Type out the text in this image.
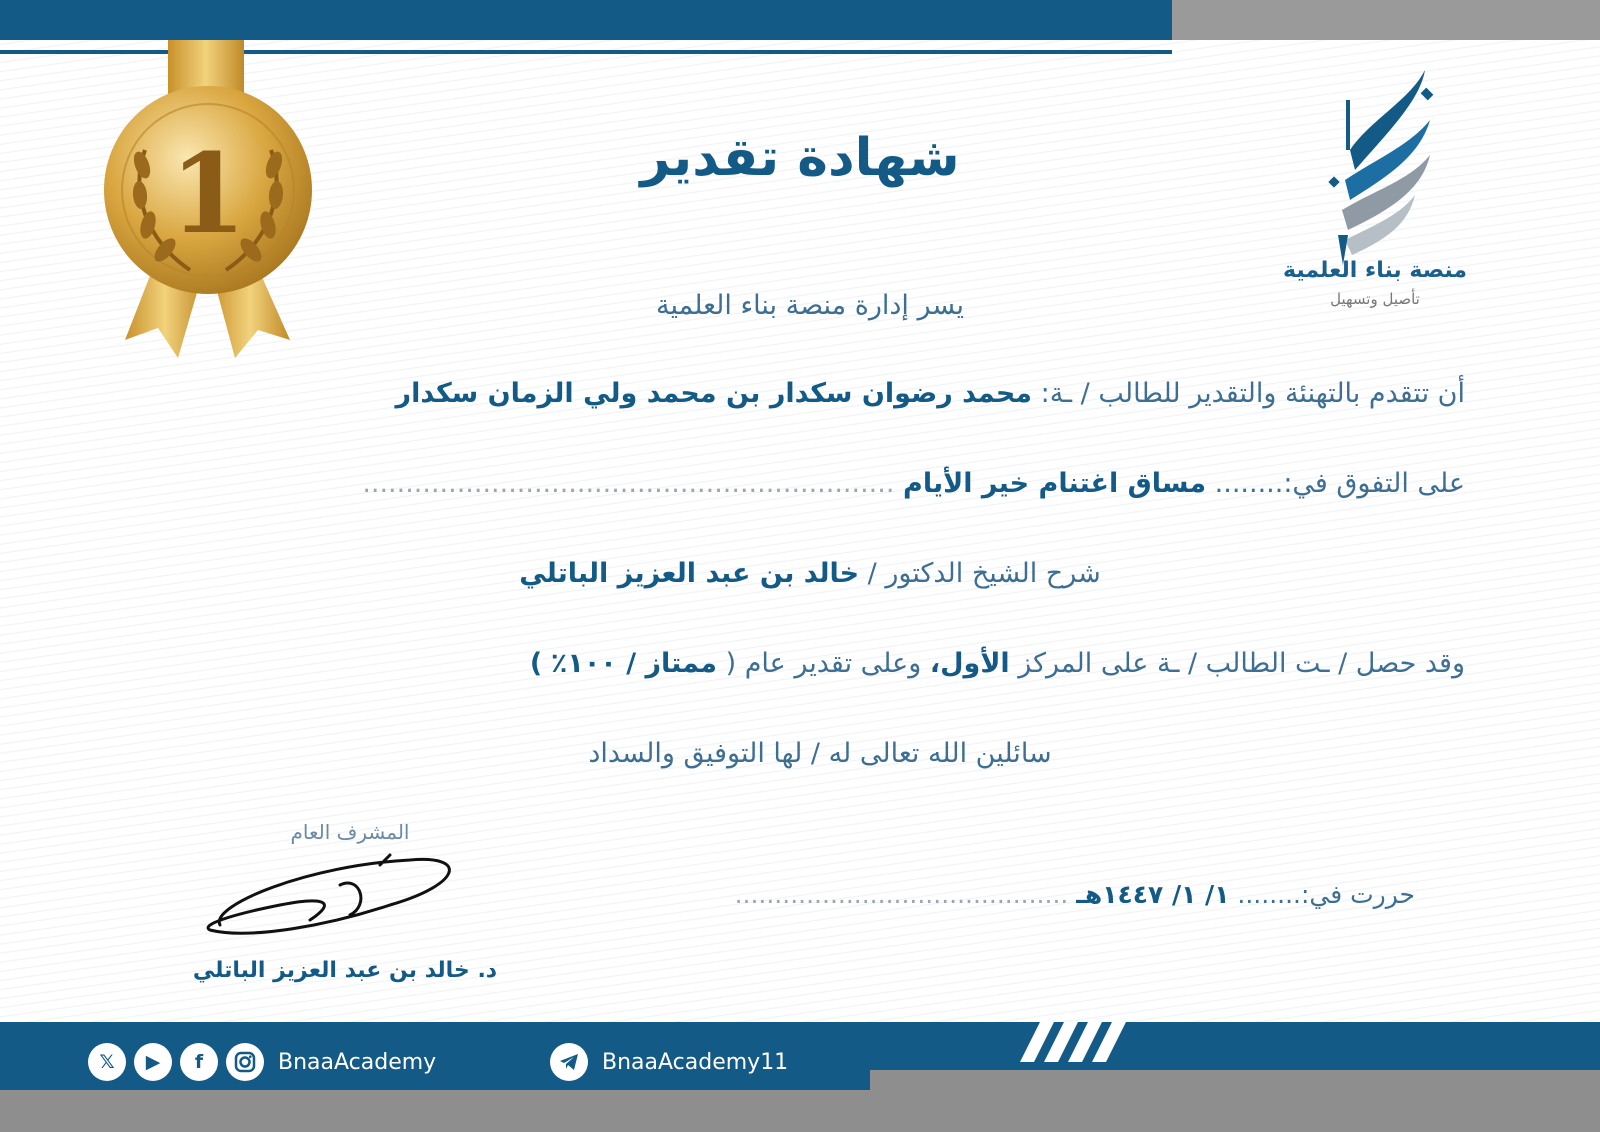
منصة بناء العلمية
تأصيل وتسهيل
1	شهادة تقدير
يسر إدارة منصة بناء العلمية
أن تتقدم بالتهنئة والتقدير للطالب / ـة: محمد رضوان سكدار بن محمد ولي الزمان سكدار
على التفوق في:........ مساق اغتنام خير الأيام ..............................................................
شرح الشيخ الدكتور / خالد بن عبد العزيز الباتلي
وقد حصل / ـت الطالب / ـة على المركز الأول، وعلى تقدير عام ( ممتاز / ١٠٠٪ )
سائلين الله تعالى له / لها التوفيق والسداد
المشرف العام
د. خالد بن عبد العزيز الباتلي
حررت في:........ ١/ ١/ ١٤٤٧هـ ..........................................
𝕏	▶	f	BnaaAcademy	BnaaAcademy11
